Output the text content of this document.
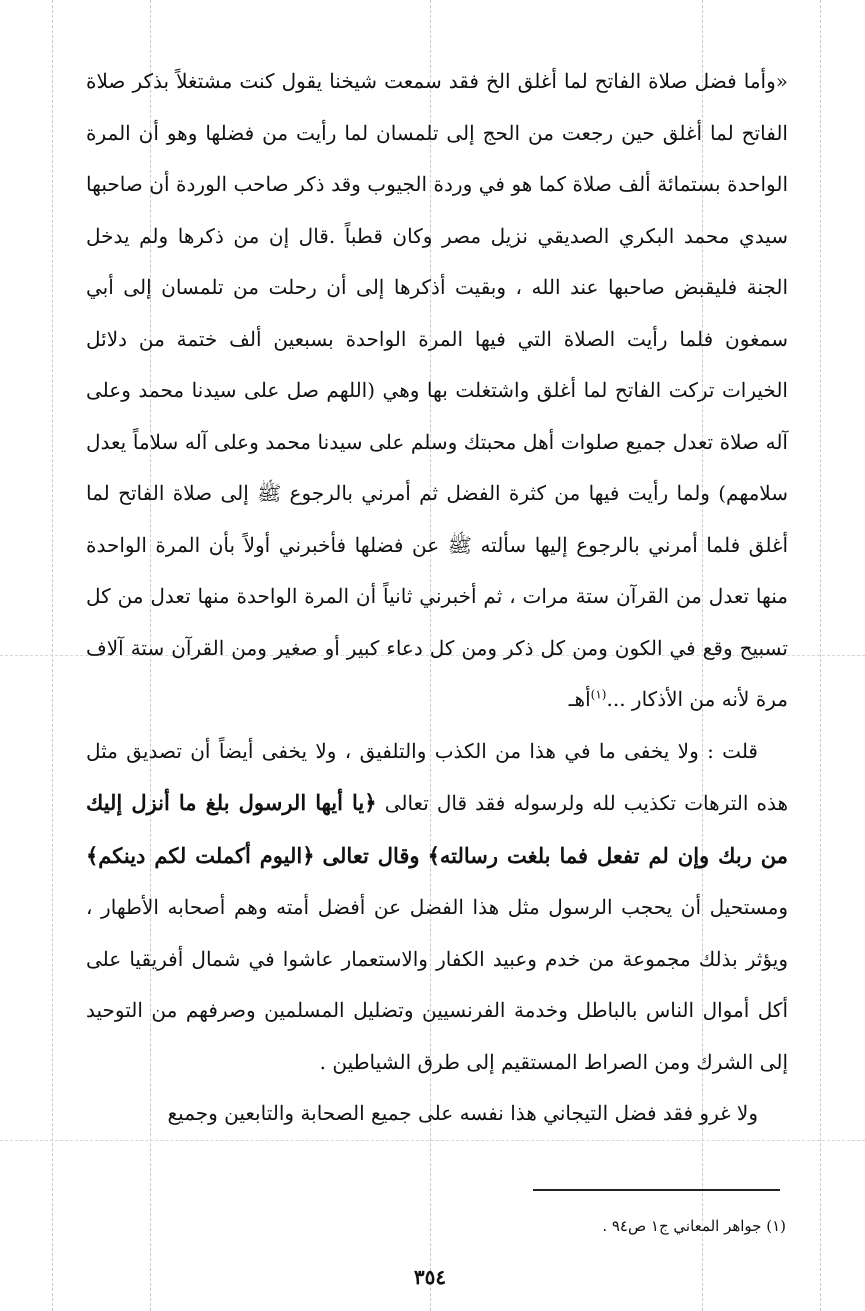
«وأما فضل صلاة الفاتح لما أغلق الخ فقد سمعت شيخنا يقول كنت مشتغلاً بذكر صلاة الفاتح لما أغلق حين رجعت من الحج إلى تلمسان لما رأيت من فضلها وهو أن المرة الواحدة بستمائة ألف صلاة كما هو في وردة الجيوب وقد ذكر صاحب الوردة أن صاحبها سيدي محمد البكري الصديقي نزيل مصر وكان قطباً .قال إن من ذكرها ولم يدخل الجنة فليقبض صاحبها عند الله ، وبقيت أذكرها إلى أن رحلت من تلمسان إلى أبي سمغون فلما رأيت الصلاة التي فيها المرة الواحدة بسبعين ألف ختمة من دلائل الخيرات تركت الفاتح لما أغلق واشتغلت بها وهي (اللهم صل على سيدنا محمد وعلى آله صلاة تعدل جميع صلوات أهل محبتك وسلم على سيدنا محمد وعلى آله سلاماً يعدل سلامهم) ولما رأيت فيها من كثرة الفضل ثم أمرني بالرجوع ﷺ إلى صلاة الفاتح لما أغلق فلما أمرني بالرجوع إليها سألته ﷺ عن فضلها فأخبرني أولاً بأن المرة الواحدة منها تعدل من القرآن ستة مرات ، ثم أخبرني ثانياً أن المرة الواحدة منها تعدل من كل تسبيح وقع في الكون ومن كل ذكر ومن كل دعاء كبير أو صغير ومن القرآن ستة آلاف مرة لأنه من الأذكار ...$^{(١)}$أهـ

قلت : ولا يخفى ما في هذا من الكذب والتلفيق ، ولا يخفى أيضاً أن تصديق مثل هذه الترهات تكذيب لله ولرسوله فقد قال تعالى ﴿يا أيها الرسول بلغ ما أنزل إليك من ربك وإن لم تفعل فما بلغت رسالته﴾ وقال تعالى ﴿اليوم أكملت لكم دينكم﴾ ومستحيل أن يحجب الرسول مثل هذا الفضل عن أفضل أمته وهم أصحابه الأطهار ، ويؤثر بذلك مجموعة من خدم وعبيد الكفار والاستعمار عاشوا في شمال أفريقيا على أكل أموال الناس بالباطل وخدمة الفرنسيين وتضليل المسلمين وصرفهم من التوحيد إلى الشرك ومن الصراط المستقيم إلى طرق الشياطين .

ولا غرو فقد فضل التيجاني هذا نفسه على جميع الصحابة والتابعين وجميع

(١) جواهر المعاني ج١ ص٩٤ .
٣٥٤
